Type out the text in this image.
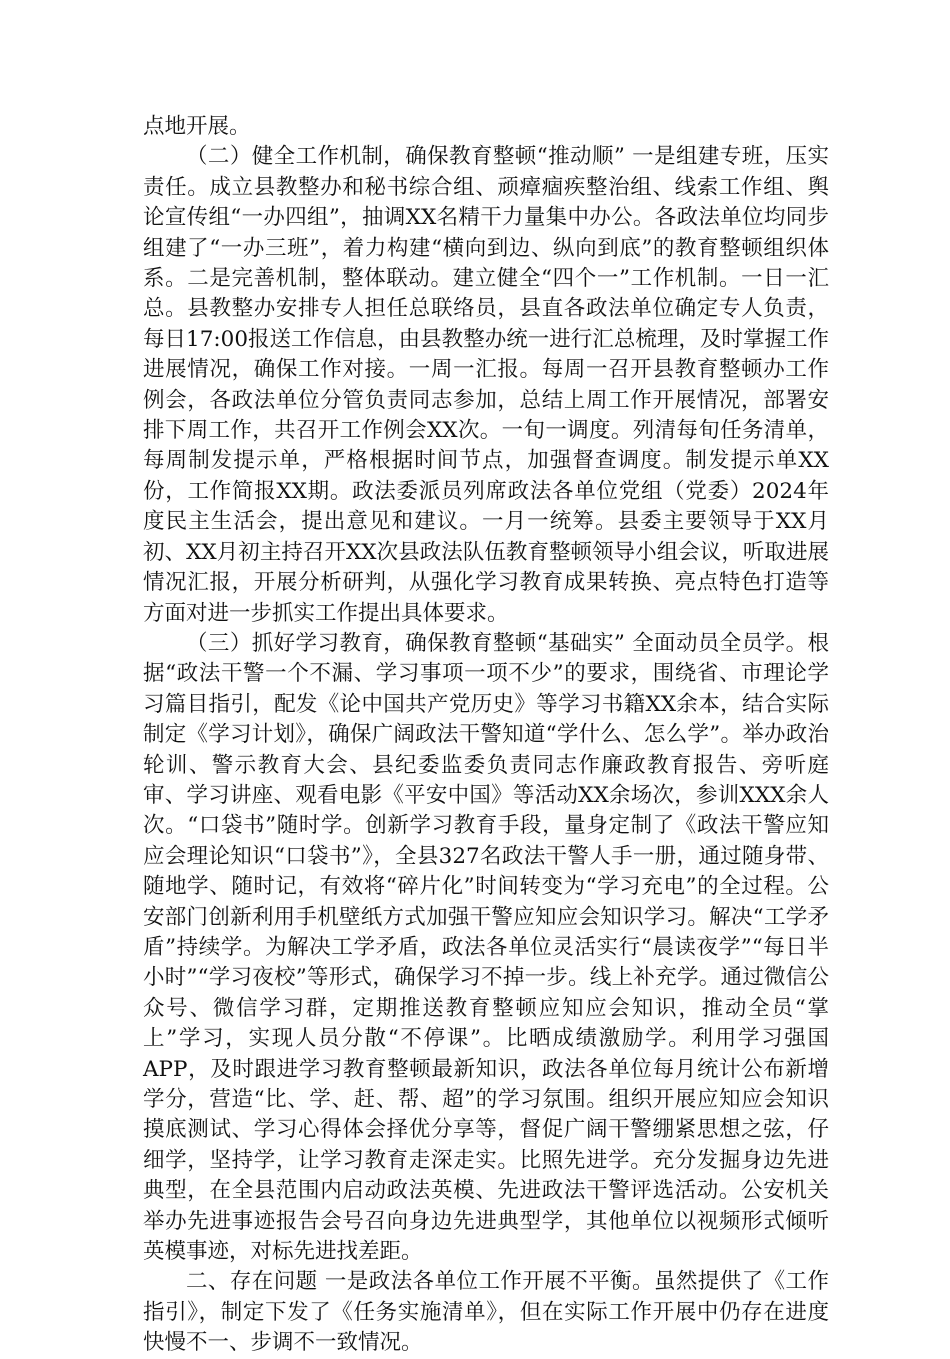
点地开展。

（二）健全工作机制，确保教育整顿“推动顺” 一是组建专班，压实责任。成立县教整办和秘书综合组、顽瘴痼疾整治组、线索工作组、舆论宣传组“一办四组”，抽调XX名精干力量集中办公。各政法单位均同步组建了“一办三班”，着力构建“横向到边、纵向到底”的教育整顿组织体系。二是完善机制，整体联动。建立健全“四个一”工作机制。一日一汇总。县教整办安排专人担任总联络员，县直各政法单位确定专人负责，每日17:00报送工作信息，由县教整办统一进行汇总梳理，及时掌握工作进展情况，确保工作对接。一周一汇报。每周一召开县教育整顿办工作例会，各政法单位分管负责同志参加，总结上周工作开展情况，部署安排下周工作，共召开工作例会XX次。一旬一调度。列清每旬任务清单，每周制发提示单，严格根据时间节点，加强督查调度。制发提示单XX份，工作简报XX期。政法委派员列席政法各单位党组（党委）2024年度民主生活会，提出意见和建议。一月一统筹。县委主要领导于XX月初、XX月初主持召开XX次县政法队伍教育整顿领导小组会议，听取进展情况汇报，开展分析研判，从强化学习教育成果转换、亮点特色打造等方面对进一步抓实工作提出具体要求。

（三）抓好学习教育，确保教育整顿“基础实” 全面动员全员学。根据“政法干警一个不漏、学习事项一项不少”的要求，围绕省、市理论学习篇目指引，配发《论中国共产党历史》等学习书籍XX余本，结合实际制定《学习计划》，确保广阔政法干警知道“学什么、怎么学”。举办政治轮训、警示教育大会、县纪委监委负责同志作廉政教育报告、旁听庭审、学习讲座、观看电影《平安中国》等活动XX余场次，参训XXX余人次。“口袋书”随时学。创新学习教育手段，量身定制了《政法干警应知应会理论知识“口袋书”》，全县327名政法干警人手一册，通过随身带、随地学、随时记，有效将“碎片化”时间转变为“学习充电”的全过程。公安部门创新利用手机壁纸方式加强干警应知应会知识学习。解决“工学矛盾”持续学。为解决工学矛盾，政法各单位灵活实行“晨读夜学”“每日半小时”“学习夜校”等形式，确保学习不掉一步。线上补充学。通过微信公众号、微信学习群，定期推送教育整顿应知应会知识，推动全员“掌上”学习，实现人员分散“不停课”。比晒成绩激励学。利用学习强国APP，及时跟进学习教育整顿最新知识，政法各单位每月统计公布新增学分，营造“比、学、赶、帮、超”的学习氛围。组织开展应知应会知识摸底测试、学习心得体会择优分享等，督促广阔干警绷紧思想之弦，仔细学，坚持学，让学习教育走深走实。比照先进学。充分发掘身边先进典型，在全县范围内启动政法英模、先进政法干警评选活动。公安机关举办先进事迹报告会号召向身边先进典型学，其他单位以视频形式倾听英模事迹，对标先进找差距。

二、存在问题 一是政法各单位工作开展不平衡。虽然提供了《工作指引》，制定下发了《任务实施清单》，但在实际工作开展中仍存在进度快慢不一、步调不一致情况。
